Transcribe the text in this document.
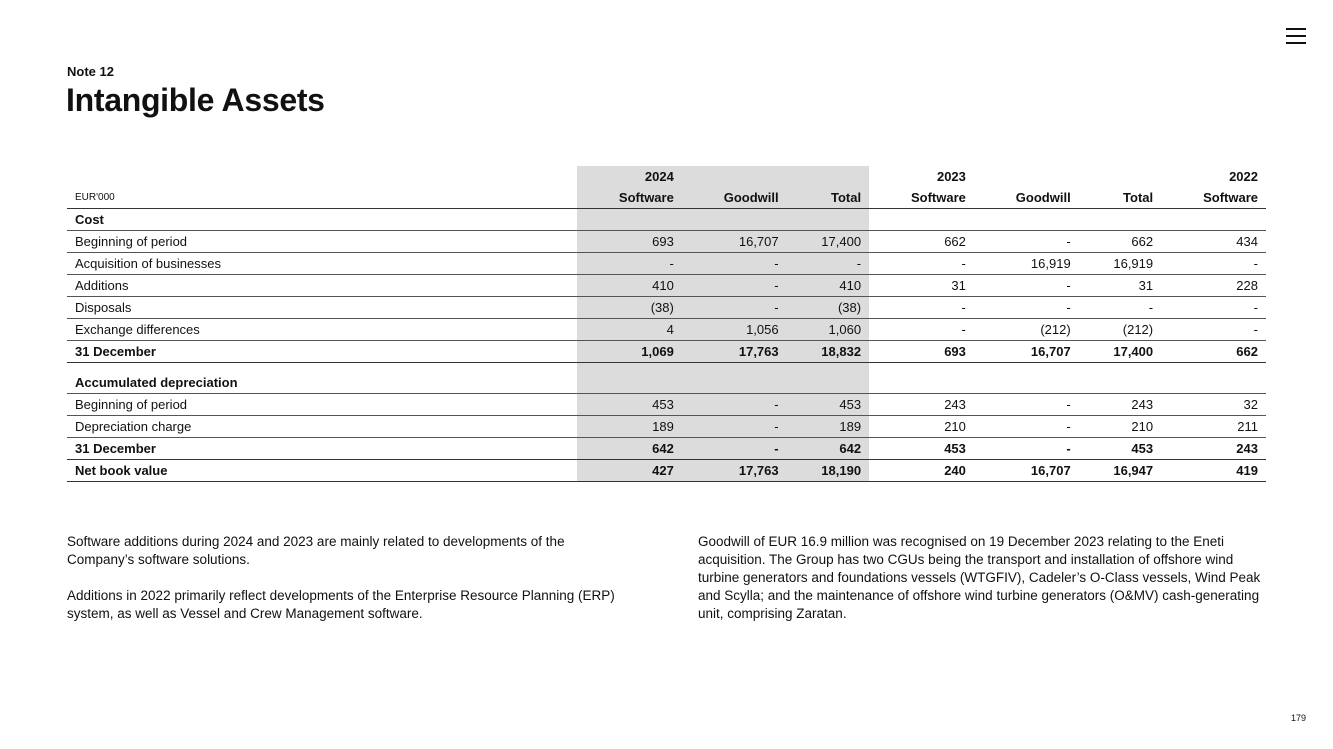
Note 12
Intangible Assets
	2024			2023			2022
EUR'000	Software	Goodwill	Total	Software	Goodwill	Total	Software
Cost							
Beginning of period	693	16,707	17,400	662	-	662	434
Acquisition of businesses	-	-	-	-	16,919	16,919	-
Additions	410	-	410	31	-	31	228
Disposals	(38)	-	(38)	-	-	-	-
Exchange differences	4	1,056	1,060	-	(212)	(212)	-
31 December	1,069	17,763	18,832	693	16,707	17,400	662

Accumulated depreciation							
Beginning of period	453	-	453	243	-	243	32
Depreciation charge	189	-	189	210	-	210	211
31 December	642	-	642	453	-	453	243
Net book value	427	17,763	18,190	240	16,707	16,947	419

Software additions during 2024 and 2023 are mainly related to developments of the Company’s software solutions.

Additions in 2022 primarily reflect developments of the Enterprise Resource Planning (ERP) system, as well as Vessel and Crew Management software.

Goodwill of EUR 16.9 million was recognised on 19 December 2023 relating to the Eneti acquisition. The Group has two CGUs being the transport and installation of offshore wind turbine generators and foundations vessels (WTGFIV), Cadeler’s O-Class vessels, Wind Peak and Scylla; and the maintenance of offshore wind turbine generators (O&MV) cash-generating unit, comprising Zaratan.

179
